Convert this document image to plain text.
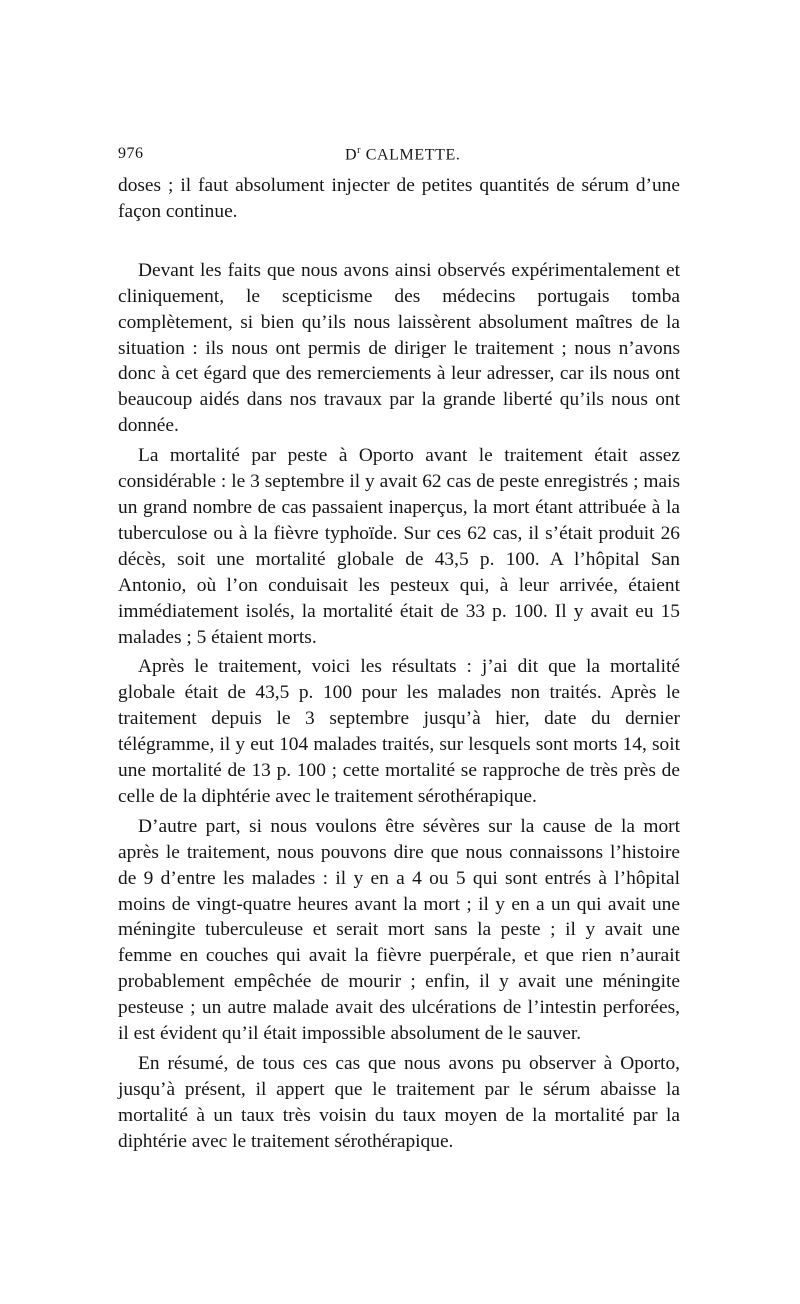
976	$D^r$ CALMETTE.

doses ; il faut absolument injecter de petites quantités de sérum d’une façon continue.

Devant les faits que nous avons ainsi observés expérimentalement et cliniquement, le scepticisme des médecins portugais tomba complètement, si bien qu’ils nous laissèrent absolument maîtres de la situation : ils nous ont permis de diriger le traitement ; nous n’avons donc à cet égard que des remerciements à leur adresser, car ils nous ont beaucoup aidés dans nos travaux par la grande liberté qu’ils nous ont donnée.

La mortalité par peste à Oporto avant le traitement était assez considérable : le 3 septembre il y avait 62 cas de peste enregistrés ; mais un grand nombre de cas passaient inaperçus, la mort étant attribuée à la tuberculose ou à la fièvre typhoïde. Sur ces 62 cas, il s’était produit 26 décès, soit une mortalité globale de 43,5 p. 100. A l’hôpital San Antonio, où l’on conduisait les pesteux qui, à leur arrivée, étaient immédiatement isolés, la mortalité était de 33 p. 100. Il y avait eu 15 malades ; 5 étaient morts.

Après le traitement, voici les résultats : j’ai dit que la mortalité globale était de 43,5 p. 100 pour les malades non traités. Après le traitement depuis le 3 septembre jusqu’à hier, date du dernier télégramme, il y eut 104 malades traités, sur lesquels sont morts 14, soit une mortalité de 13 p. 100 ; cette mortalité se rapproche de très près de celle de la diphtérie avec le traitement sérothérapique.

D’autre part, si nous voulons être sévères sur la cause de la mort après le traitement, nous pouvons dire que nous connaissons l’histoire de 9 d’entre les malades : il y en a 4 ou 5 qui sont entrés à l’hôpital moins de vingt-quatre heures avant la mort ; il y en a un qui avait une méningite tuberculeuse et serait mort sans la peste ; il y avait une femme en couches qui avait la fièvre puerpérale, et que rien n’aurait probablement empêchée de mourir ; enfin, il y avait une méningite pesteuse ; un autre malade avait des ulcérations de l’intestin perforées, il est évident qu’il était impossible absolument de le sauver.

En résumé, de tous ces cas que nous avons pu observer à Oporto, jusqu’à présent, il appert que le traitement par le sérum abaisse la mortalité à un taux très voisin du taux moyen de la mortalité par la diphtérie avec le traitement sérothérapique.
